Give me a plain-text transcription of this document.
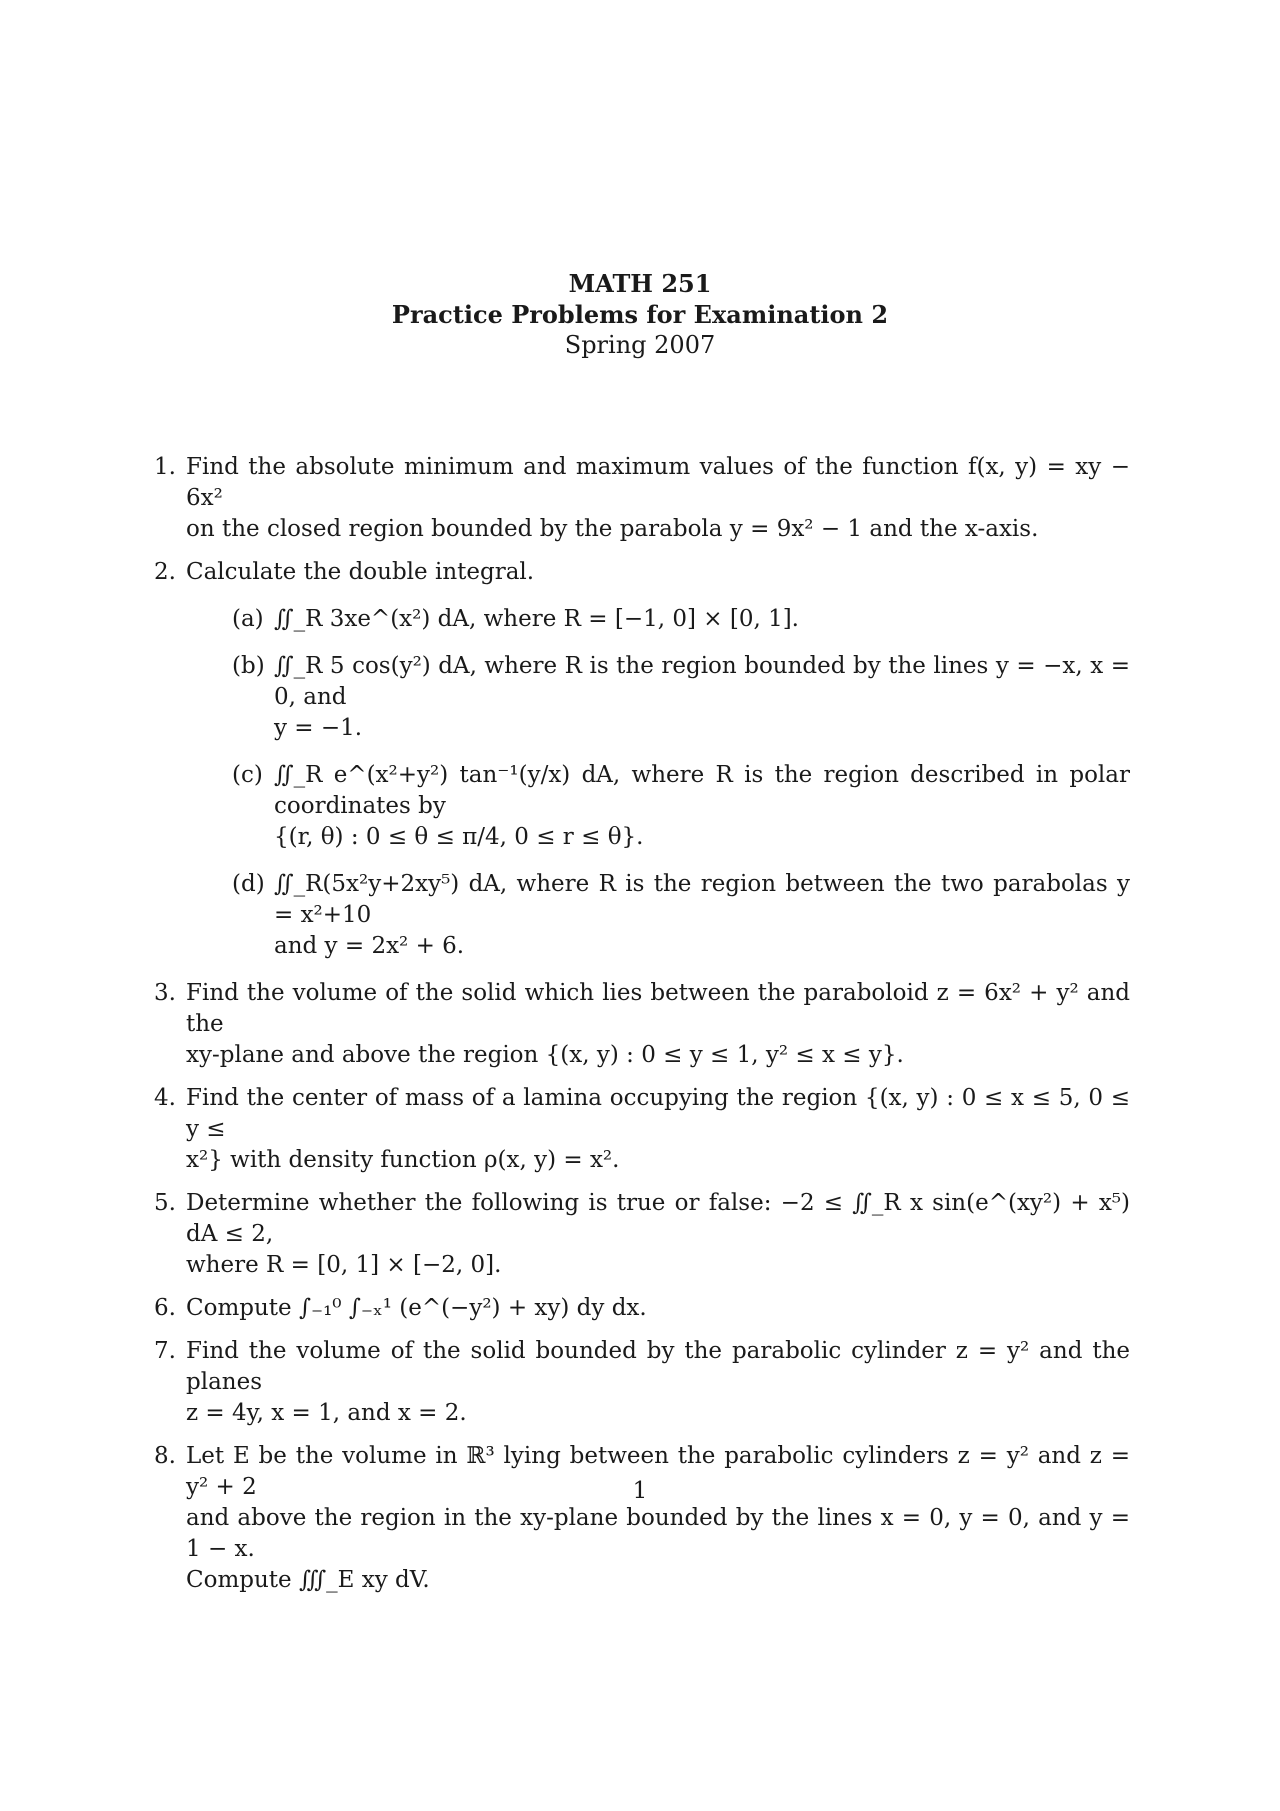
MATH 251
Practice Problems for Examination 2
Spring 2007
1. Find the absolute minimum and maximum values of the function f(x, y) = xy − 6x²
on the closed region bounded by the parabola y = 9x² − 1 and the x-axis.
2. Calculate the double integral.
(a) ∬_R 3xe^(x²) dA, where R = [−1, 0] × [0, 1].
(b) ∬_R 5 cos(y²) dA, where R is the region bounded by the lines y = −x, x = 0, and
y = −1.
(c) ∬_R e^(x²+y²) tan⁻¹(y/x) dA, where R is the region described in polar coordinates by
{(r, θ) : 0 ≤ θ ≤ π/4, 0 ≤ r ≤ θ}.
(d) ∬_R(5x²y+2xy⁵) dA, where R is the region between the two parabolas y = x²+10
and y = 2x² + 6.
3. Find the volume of the solid which lies between the paraboloid z = 6x² + y² and the
xy-plane and above the region {(x, y) : 0 ≤ y ≤ 1, y² ≤ x ≤ y}.
4. Find the center of mass of a lamina occupying the region {(x, y) : 0 ≤ x ≤ 5, 0 ≤ y ≤
x²} with density function ρ(x, y) = x².
5. Determine whether the following is true or false: −2 ≤ ∬_R x sin(e^(xy²) + x⁵) dA ≤ 2,
where R = [0, 1] × [−2, 0].
6. Compute ∫₋₁⁰ ∫₋ₓ¹ (e^(−y²) + xy) dy dx.
7. Find the volume of the solid bounded by the parabolic cylinder z = y² and the planes
z = 4y, x = 1, and x = 2.
8. Let E be the volume in ℝ³ lying between the parabolic cylinders z = y² and z = y² + 2
and above the region in the xy-plane bounded by the lines x = 0, y = 0, and y = 1 − x.
Compute ∭_E xy dV.
1
